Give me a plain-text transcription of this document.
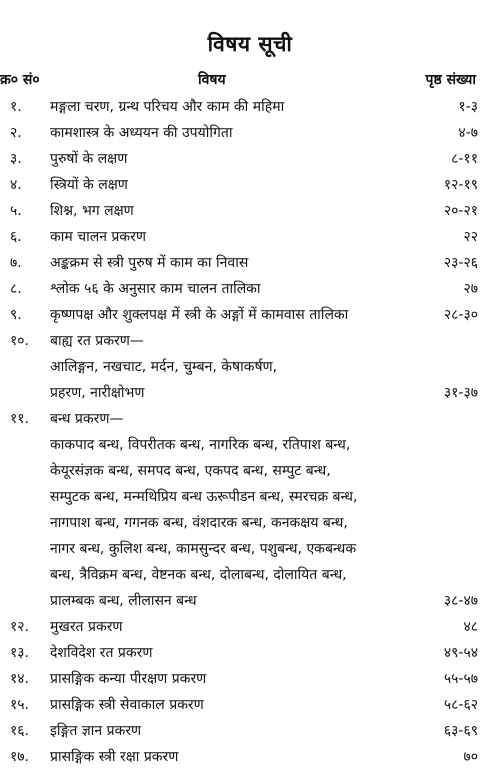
विषय सूची
क्र० सं०	विषय	पृष्ठ संख्या
१.	मङ्गला चरण, ग्रन्थ परिचय और काम की महिमा	१-३
२.	कामशास्त्र के अध्ययन की उपयोगिता	४-७
३.	पुरुषों के लक्षण	८-११
४.	स्त्रियों के लक्षण	१२-१९
५.	शिश्न, भग लक्षण	२०-२१
६.	काम चालन प्रकरण	२२
७.	अङ्कक्रम से स्त्री पुरुष में काम का निवास	२३-२६
८.	श्लोक ५६ के अनुसार काम चालन तालिका	२७
९.	कृष्णपक्ष और शुक्लपक्ष में स्त्री के अङ्गों में कामवास तालिका	२८-३०
१०.	बाह्य रत प्रकरण—
आलिङ्गन, नखचाट, मर्दन, चुम्बन, केषाकर्षण,
प्रहरण, नारीक्षोभण	३१-३७
११.	बन्ध प्रकरण—
काकपाद बन्ध, विपरीतक बन्ध, नागरिक बन्ध, रतिपाश बन्ध,
केयूरसंज्ञक बन्ध, समपद बन्ध, एकपद बन्ध, सम्पुट बन्ध,
सम्पुटक बन्ध, मन्मथिप्रिय बन्ध ऊरूपीडन बन्ध, स्मरचक्र बन्ध,
नागपाश बन्ध, गगनक बन्ध, वंशदारक बन्ध, कनकक्षय बन्ध,
नागर बन्ध, कुलिश बन्ध, कामसुन्दर बन्ध, पशुबन्ध, एकबन्धक
बन्ध, त्रैविक्रम बन्ध, वेष्टनक बन्ध, दोलाबन्ध, दोलायित बन्ध,
प्रालम्बक बन्ध, लीलासन बन्ध	३८-४७
१२.	मुखरत प्रकरण	४८
१३.	देशविदेश रत प्रकरण	४९-५४
१४.	प्रासङ्गिक कन्या पीरक्षण प्रकरण	५५-५७
१५.	प्रासङ्गिक स्त्री सेवाकाल प्रकरण	५८-६२
१६.	इङ्गित ज्ञान प्रकरण	६३-६९
१७.	प्रासङ्गिक स्त्री रक्षा प्रकरण	७०
